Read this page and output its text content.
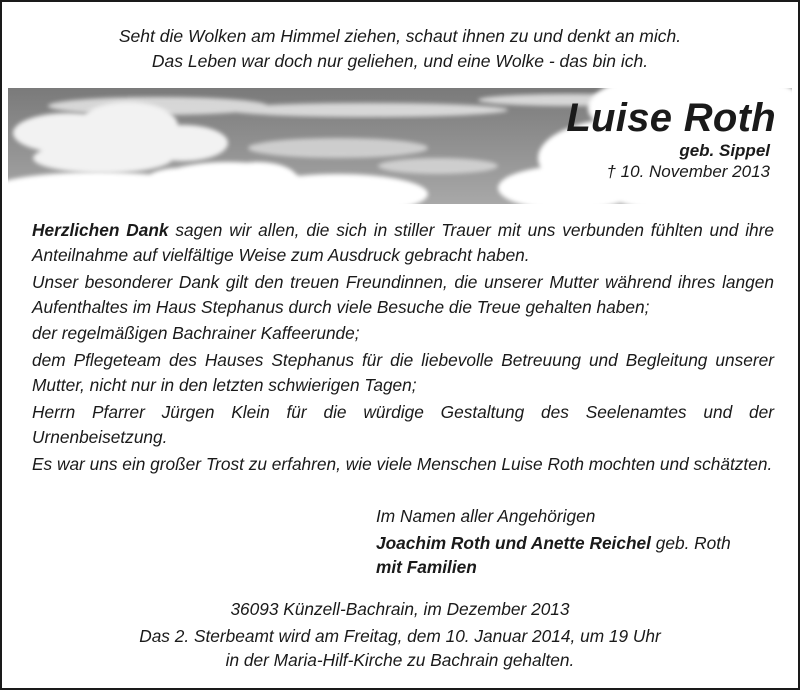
Seht die Wolken am Himmel ziehen, schaut ihnen zu und denkt an mich.
Das Leben war doch nur geliehen, und eine Wolke - das bin ich.
Luise Roth
geb. Sippel
† 10. November 2013
Herzlichen Dank sagen wir allen, die sich in stiller Trauer mit uns verbunden fühlten und ihre Anteilnahme auf vielfältige Weise zum Ausdruck gebracht haben.
Unser besonderer Dank gilt den treuen Freundinnen, die unserer Mutter während ihres langen Aufenthaltes im Haus Stephanus durch viele Besuche die Treue gehalten haben;
der regelmäßigen Bachrainer Kaffeerunde;
dem Pflegeteam des Hauses Stephanus für die liebevolle Betreuung und Begleitung unserer Mutter, nicht nur in den letzten schwierigen Tagen;
Herrn Pfarrer Jürgen Klein für die würdige Gestaltung des Seelenamtes und der Urnenbeisetzung.
Es war uns ein großer Trost zu erfahren, wie viele Menschen Luise Roth mochten und schätzten.
Im Namen aller Angehörigen
Joachim Roth und Anette Reichel geb. Roth
mit Familien
36093 Künzell-Bachrain, im Dezember 2013
Das 2. Sterbeamt wird am Freitag, dem 10. Januar 2014, um 19 Uhr
in der Maria-Hilf-Kirche zu Bachrain gehalten.
